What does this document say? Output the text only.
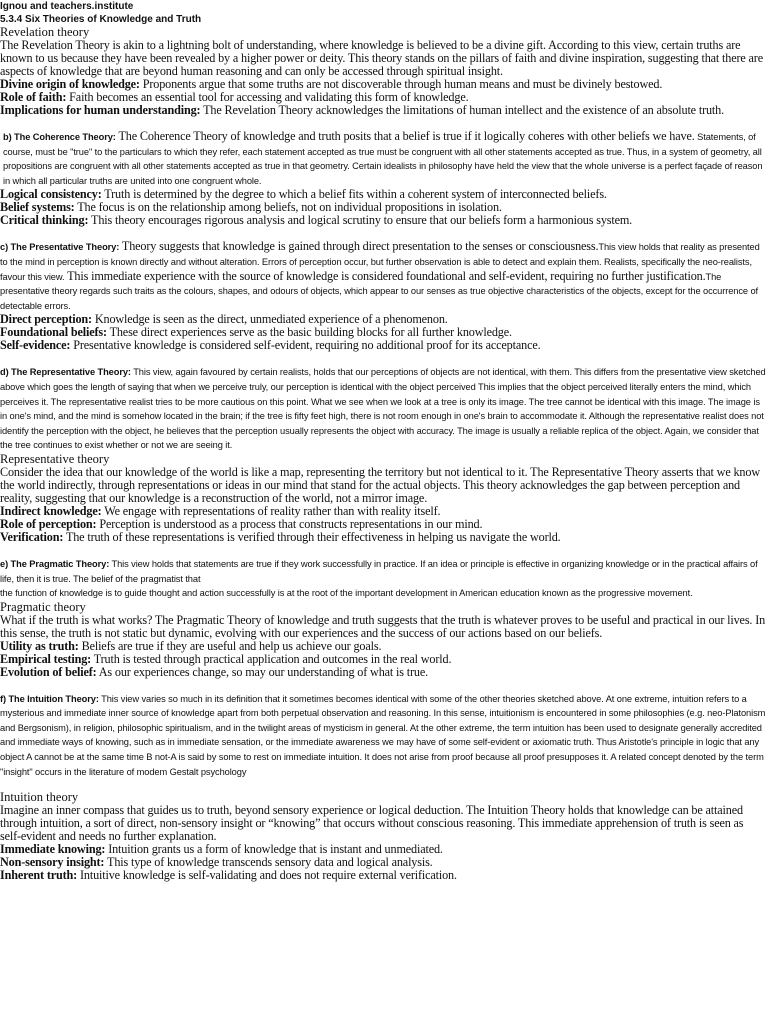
Ignou and teachers.institute
5.3.4 Six Theories of Knowledge and Truth
Revelation theory

The Revelation Theory is akin to a lightning bolt of understanding, where knowledge is believed to be a divine gift. According to this view, certain truths are known to us because they have been revealed by a higher power or deity. This theory stands on the pillars of faith and divine inspiration, suggesting that there are aspects of knowledge that are beyond human reasoning and can only be accessed through spiritual insight.

Divine origin of knowledge: Proponents argue that some truths are not discoverable through human means and must be divinely bestowed.

Role of faith: Faith becomes an essential tool for accessing and validating this form of knowledge.

Implications for human understanding: The Revelation Theory acknowledges the limitations of human intellect and the existence of an absolute truth.

b) The Coherence Theory: The Coherence Theory of knowledge and truth posits that a belief is true if it logically coheres with other beliefs we have. Statements, of course, must be "true" to the particulars to which they refer, each statement accepted as true must be congruent with all other statements accepted as true. Thus, in a system of geometry, all propositions are congruent with all other statements accepted as true in that geometry. Certain idealists in philosophy have held the view that the whole universe is a perfect façade of reason in which all particular truths are united into one congruent whole.

Logical consistency: Truth is determined by the degree to which a belief fits within a coherent system of interconnected beliefs.

Belief systems: The focus is on the relationship among beliefs, not on individual propositions in isolation.

Critical thinking: This theory encourages rigorous analysis and logical scrutiny to ensure that our beliefs form a harmonious system.

c) The Presentative Theory: Theory suggests that knowledge is gained through direct presentation to the senses or consciousness.This view holds that reality as presented to the mind in perception is known directly and without alteration. Errors of perception occur, but further observation is able to detect and explain them. Realists, specifically the neo-realists, favour this view. This immediate experience with the source of knowledge is considered foundational and self-evident, requiring no further justification.The presentative theory regards such traits as the colours, shapes, and odours of objects, which appear to our senses as true objective characteristics of the objects, except for the occurrence of detectable errors.

Direct perception: Knowledge is seen as the direct, unmediated experience of a phenomenon.

Foundational beliefs: These direct experiences serve as the basic building blocks for all further knowledge.

Self-evidence: Presentative knowledge is considered self-evident, requiring no additional proof for its acceptance.

d) The Representative Theory: This view, again favoured by certain realists, holds that our perceptions of objects are not identical, with them. This differs from the presentative view sketched above which goes the length of saying that when we perceive truly, our perception is identical with the object perceived This implies that the object perceived literally enters the mind, which perceives it. The representative realist tries to be more cautious on this point. What we see when we look at a tree is only its image. The tree cannot be identical with this image. The image is in one's mind, and the mind is somehow located in the brain; if the tree is fifty feet high, there is not room enough in one's brain to accommodate it. Although the representative realist does not identify the perception with the object, he believes that the perception usually represents the object with accuracy. The image is usually a reliable replica of the object. Again, we consider that the tree continues to exist whether or not we are seeing it.

Representative theory

Consider the idea that our knowledge of the world is like a map, representing the territory but not identical to it. The Representative Theory asserts that we know the world indirectly, through representations or ideas in our mind that stand for the actual objects. This theory acknowledges the gap between perception and reality, suggesting that our knowledge is a reconstruction of the world, not a mirror image.

Indirect knowledge: We engage with representations of reality rather than with reality itself.

Role of perception: Perception is understood as a process that constructs representations in our mind.

Verification: The truth of these representations is verified through their effectiveness in helping us navigate the world.

e) The Pragmatic Theory: This view holds that statements are true if they work successfully in practice. If an idea or principle is effective in organizing knowledge or in the practical affairs of life, then it is true. The belief of the pragmatist that

the function of knowledge is to guide thought and action successfully is at the root of the important development in American education known as the progressive movement.

Pragmatic theory

What if the truth is what works? The Pragmatic Theory of knowledge and truth suggests that the truth is whatever proves to be useful and practical in our lives. In this sense, the truth is not static but dynamic, evolving with our experiences and the success of our actions based on our beliefs.

Utility as truth: Beliefs are true if they are useful and help us achieve our goals.

Empirical testing: Truth is tested through practical application and outcomes in the real world.

Evolution of belief: As our experiences change, so may our understanding of what is true.

f) The Intuition Theory: This view varies so much in its definition that it sometimes becomes identical with some of the other theories sketched above. At one extreme, intuition refers to a mysterious and immediate inner source of knowledge apart from both perpetual observation and reasoning. In this sense, intuitionism is encountered in some philosophies (e.g. neo-Platonism and Bergsonism), in religion, philosophic spiritualism, and in the twilight areas of mysticism in general. At the other extreme, the term intuition has been used to designate generally accredited and immediate ways of knowing, such as in immediate sensation, or the immediate awareness we may have of some self-evident or axiomatic truth. Thus Aristotle's principle in logic that any object A cannot be at the same time B not-A is said by some to rest on immediate intuition. It does not arise from proof because all proof presupposes it. A related concept denoted by the term "insight" occurs in the literature of modem Gestalt psychology

Intuition theory

Imagine an inner compass that guides us to truth, beyond sensory experience or logical deduction. The Intuition Theory holds that knowledge can be attained through intuition, a sort of direct, non-sensory insight or “knowing” that occurs without conscious reasoning. This immediate apprehension of truth is seen as self-evident and needs no further explanation.

Immediate knowing: Intuition grants us a form of knowledge that is instant and unmediated.

Non-sensory insight: This type of knowledge transcends sensory data and logical analysis.

Inherent truth: Intuitive knowledge is self-validating and does not require external verification.
